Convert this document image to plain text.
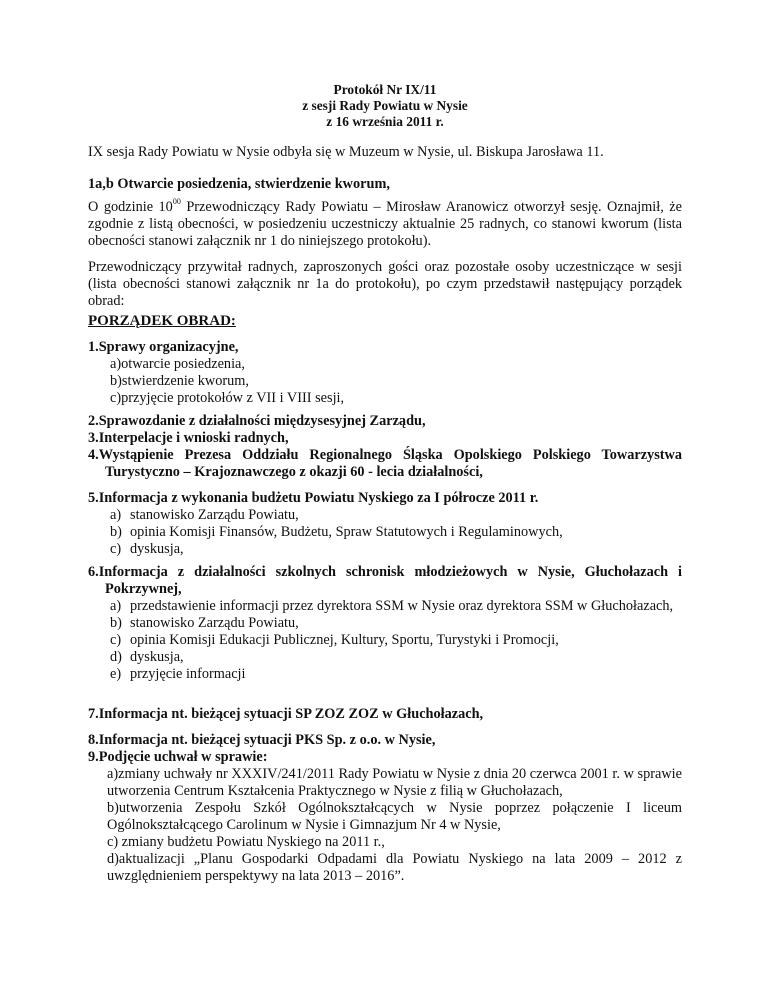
Protokół Nr IX/11
z sesji Rady Powiatu w Nysie
z 16 września 2011 r.
IX sesja Rady Powiatu w Nysie odbyła się w Muzeum w Nysie, ul. Biskupa Jarosława 11.
1a,b Otwarcie posiedzenia, stwierdzenie kworum,
O godzinie $10^{00}$ Przewodniczący Rady Powiatu – Mirosław Aranowicz otworzył sesję. Oznajmił, że zgodnie z listą obecności, w posiedzeniu uczestniczy aktualnie 25 radnych, co stanowi kworum (lista obecności stanowi załącznik nr 1 do niniejszego protokołu).
Przewodniczący przywitał radnych, zaproszonych gości oraz pozostałe osoby uczestniczące w sesji (lista obecności stanowi załącznik nr 1a do protokołu), po czym przedstawił następujący porządek obrad:
PORZĄDEK OBRAD:
1.Sprawy organizacyjne,
a)otwarcie posiedzenia,
b)stwierdzenie kworum,
c)przyjęcie protokołów z VII i VIII sesji,
2.Sprawozdanie z działalności międzysesyjnej Zarządu,
3.Interpelacje i wnioski radnych,
4.Wystąpienie Prezesa Oddziału Regionalnego Śląska Opolskiego Polskiego Towarzystwa Turystyczno – Krajoznawczego z okazji 60 - lecia działalności,
5.Informacja z wykonania budżetu Powiatu Nyskiego za I półrocze 2011 r.
a) stanowisko Zarządu Powiatu,
b) opinia Komisji Finansów, Budżetu, Spraw Statutowych i Regulaminowych,
c) dyskusja,
6.Informacja z działalności szkolnych schronisk młodzieżowych w Nysie, Głuchołazach i Pokrzywnej,
a) przedstawienie informacji przez dyrektora SSM w Nysie oraz dyrektora SSM w Głuchołazach,
b) stanowisko Zarządu Powiatu,
c) opinia Komisji Edukacji Publicznej, Kultury, Sportu, Turystyki i Promocji,
d) dyskusja,
e) przyjęcie informacji
7.Informacja nt. bieżącej sytuacji SP ZOZ ZOZ w Głuchołazach,
8.Informacja nt. bieżącej sytuacji PKS Sp. z o.o. w Nysie,
9.Podjęcie uchwał w sprawie:
a)zmiany uchwały nr XXXIV/241/2011 Rady Powiatu w Nysie z dnia 20 czerwca 2001 r. w sprawie utworzenia Centrum Kształcenia Praktycznego w Nysie z filią w Głuchołazach,
b)utworzenia Zespołu Szkół Ogólnokształcących w Nysie poprzez połączenie I liceum Ogólnokształcącego Carolinum w Nysie i Gimnazjum Nr 4 w Nysie,
c) zmiany budżetu Powiatu Nyskiego na 2011 r.,
d)aktualizacji „Planu Gospodarki Odpadami dla Powiatu Nyskiego na lata 2009 – 2012 z uwzględnieniem perspektywy na lata 2013 – 2016”.
